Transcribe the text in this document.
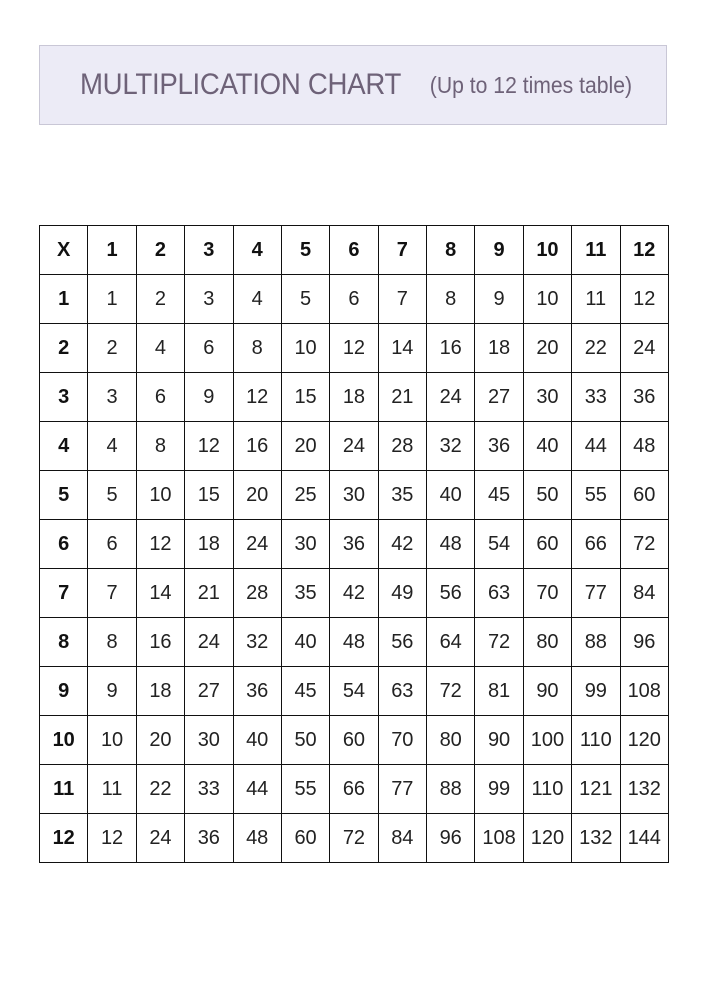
MULTIPLICATION CHART (Up to 12 times table)
X	1	2	3	4	5	6	7	8	9	10	11	12
1	1	2	3	4	5	6	7	8	9	10	11	12
2	2	4	6	8	10	12	14	16	18	20	22	24
3	3	6	9	12	15	18	21	24	27	30	33	36
4	4	8	12	16	20	24	28	32	36	40	44	48
5	5	10	15	20	25	30	35	40	45	50	55	60
6	6	12	18	24	30	36	42	48	54	60	66	72
7	7	14	21	28	35	42	49	56	63	70	77	84
8	8	16	24	32	40	48	56	64	72	80	88	96
9	9	18	27	36	45	54	63	72	81	90	99	108
10	10	20	30	40	50	60	70	80	90	100	110	120
11	11	22	33	44	55	66	77	88	99	110	121	132
12	12	24	36	48	60	72	84	96	108	120	132	144
